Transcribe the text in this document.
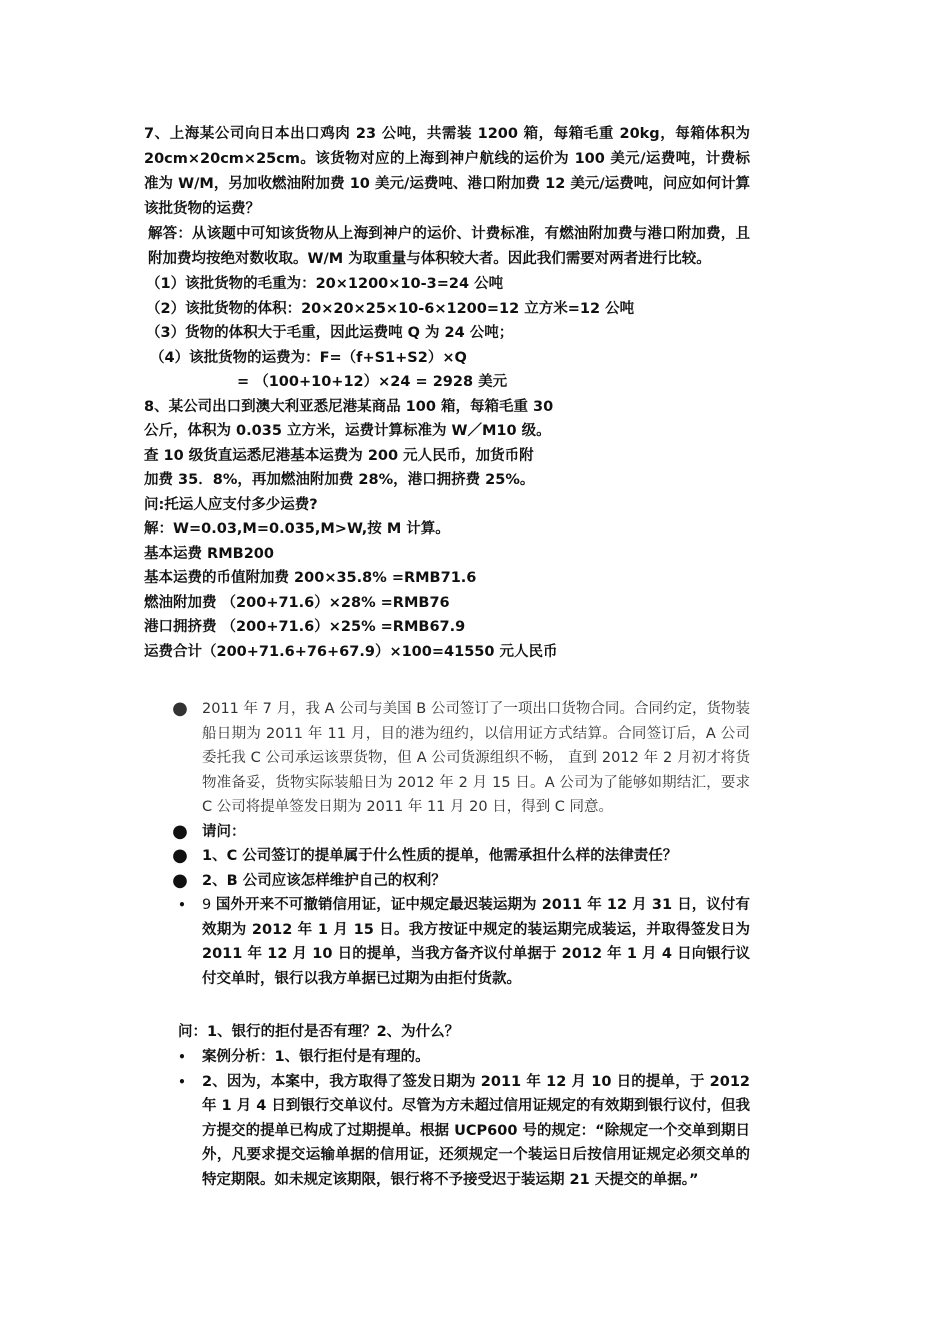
7、上海某公司向日本出口鸡肉 23 公吨，共需装 1200 箱，每箱毛重 20kg，每箱体积为 20cm×20cm×25cm。该货物对应的上海到神户航线的运价为 100 美元/运费吨，计费标准为 W/M，另加收燃油附加费 10 美元/运费吨、港口附加费 12 美元/运费吨，问应如何计算该批货物的运费？

解答：从该题中可知该货物从上海到神户的运价、计费标准，有燃油附加费与港口附加费，且附加费均按绝对数收取。W/M 为取重量与体积较大者。因此我们需要对两者进行比较。

（1）该批货物的毛重为：20×1200×10-3=24 公吨

（2）该批货物的体积：20×20×25×10-6×1200=12 立方米=12 公吨

（3）货物的体积大于毛重，因此运费吨 Q 为 24 公吨；

（4）该批货物的运费为：F=（f+S1+S2）×Q

= （100+10+12）×24 = 2928 美元

8、某公司出口到澳大利亚悉尼港某商品 100 箱，每箱毛重 30

公斤，体积为 0.035 立方米，运费计算标准为 W／M10 级。

查 10 级货直运悉尼港基本运费为 200 元人民币，加货币附

加费 35．8%，再加燃油附加费 28%，港口拥挤费 25%。

问:托运人应支付多少运费?

解：W=0.03,M=0.035,M>W,按 M 计算。

基本运费 RMB200

基本运费的币值附加费 200×35.8% =RMB71.6

燃油附加费 （200+71.6）×28% =RMB76

港口拥挤费 （200+71.6）×25% =RMB67.9

运费合计（200+71.6+76+67.9）×100=41550 元人民币

● 2011 年 7 月，我 A 公司与美国 B 公司签订了一项出口货物合同。合同约定，货物装船日期为 2011 年 11 月，目的港为纽约，以信用证方式结算。合同签订后，A 公司委托我 C 公司承运该票货物，但 A 公司货源组织不畅， 直到 2012 年 2 月初才将货物准备妥，货物实际装船日为 2012 年 2 月 15 日。A 公司为了能够如期结汇，要求 C 公司将提单签发日期为 2011 年 11 月 20 日，得到 C 同意。
● 请问：
● 1、C 公司签订的提单属于什么性质的提单，他需承担什么样的法律责任？
● 2、B 公司应该怎样维护自己的权利？
•	9 国外开来不可撤销信用证，证中规定最迟装运期为 2011 年 12 月 31 日，议付有效期为 2012 年 1 月 15 日。我方按证中规定的装运期完成装运，并取得签发日为 2011 年 12 月 10 日的提单，当我方备齐议付单据于 2012 年 1 月 4 日向银行议付交单时，银行以我方单据已过期为由拒付货款。

问：1、银行的拒付是否有理？2、为什么？

•	案例分析：1、银行拒付是有理的。
•	2、因为，本案中，我方取得了签发日期为 2011 年 12 月 10 日的提单，于 2012 年 1 月 4 日到银行交单议付。尽管为方未超过信用证规定的有效期到银行议付，但我方提交的提单已构成了过期提单。根据 UCP600 号的规定：“除规定一个交单到期日外，凡要求提交运输单据的信用证，还须规定一个装运日后按信用证规定必须交单的特定期限。如未规定该期限，银行将不予接受迟于装运期 21 天提交的单据。”
